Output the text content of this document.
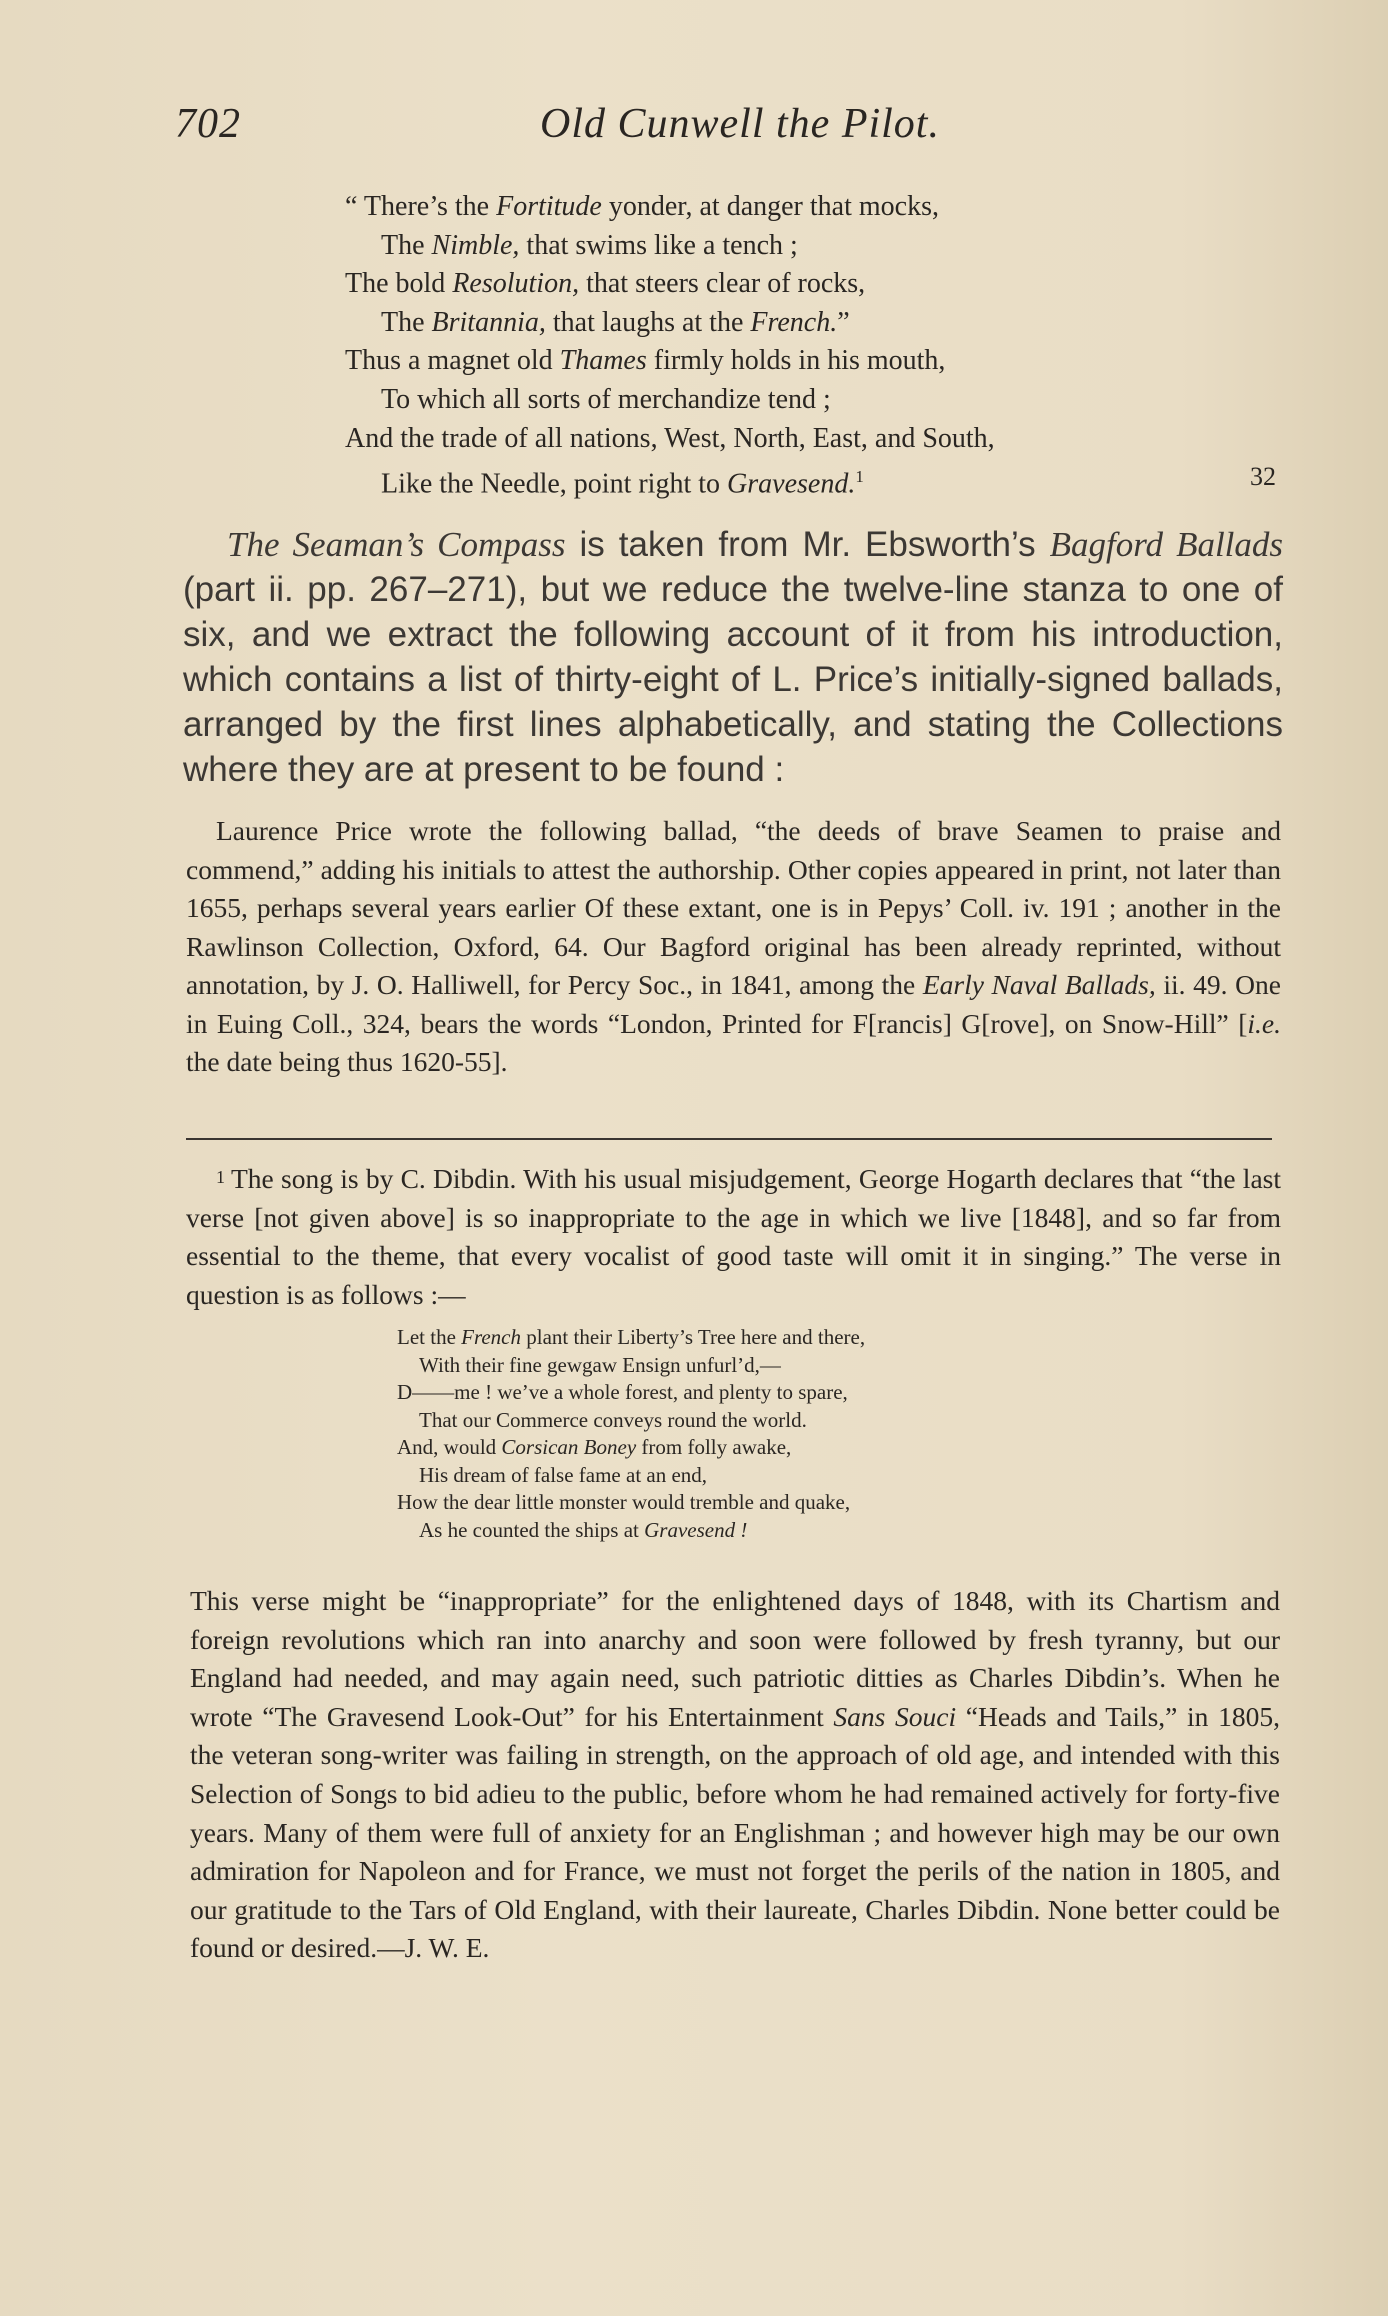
702	Old Cunwell the Pilot.
“ There’s the Fortitude yonder, at danger that mocks,
The Nimble, that swims like a tench ;
The bold Resolution, that steers clear of rocks,
The Britannia, that laughs at the French.”
Thus a magnet old Thames firmly holds in his mouth,
To which all sorts of merchandize tend ;
And the trade of all nations, West, North, East, and South,
Like the Needle, point right to Gravesend.$^1$	32

The Seaman’s Compass is taken from Mr. Ebsworth’s Bagford Ballads (part ii. pp. 267–271), but we reduce the twelve-line stanza to one of six, and we extract the following account of it from his introduction, which contains a list of thirty-eight of L. Price’s initially-signed ballads, arranged by the first lines alphabetically, and stating the Collections where they are at present to be found :

Laurence Price wrote the following ballad, “the deeds of brave Seamen to praise and commend,” adding his initials to attest the authorship. Other copies appeared in print, not later than 1655, perhaps several years earlier Of these extant, one is in Pepys’ Coll. iv. 191 ; another in the Rawlinson Collection, Oxford, 64. Our Bagford original has been already reprinted, without annotation, by J. O. Halliwell, for Percy Soc., in 1841, among the Early Naval Ballads, ii. 49. One in Euing Coll., 324, bears the words “London, Printed for F[rancis] G[rove], on Snow-Hill” [i.e. the date being thus 1620-55].

$^1$ The song is by C. Dibdin. With his usual misjudgement, George Hogarth declares that “the last verse [not given above] is so inappropriate to the age in which we live [1848], and so far from essential to the theme, that every vocalist of good taste will omit it in singing.” The verse in question is as follows :—

Let the French plant their Liberty’s Tree here and there,
With their fine gewgaw Ensign unfurl’d,—
D——me ! we’ve a whole forest, and plenty to spare,
That our Commerce conveys round the world.
And, would Corsican Boney from folly awake,
His dream of false fame at an end,
How the dear little monster would tremble and quake,
As he counted the ships at Gravesend !

This verse might be “inappropriate” for the enlightened days of 1848, with its Chartism and foreign revolutions which ran into anarchy and soon were followed by fresh tyranny, but our England had needed, and may again need, such patriotic ditties as Charles Dibdin’s. When he wrote “The Gravesend Look-Out” for his Entertainment Sans Souci “Heads and Tails,” in 1805, the veteran song-writer was failing in strength, on the approach of old age, and intended with this Selection of Songs to bid adieu to the public, before whom he had remained actively for forty-five years. Many of them were full of anxiety for an Englishman ; and however high may be our own admiration for Napoleon and for France, we must not forget the perils of the nation in 1805, and our gratitude to the Tars of Old England, with their laureate, Charles Dibdin. None better could be found or desired.—J. W. E.
